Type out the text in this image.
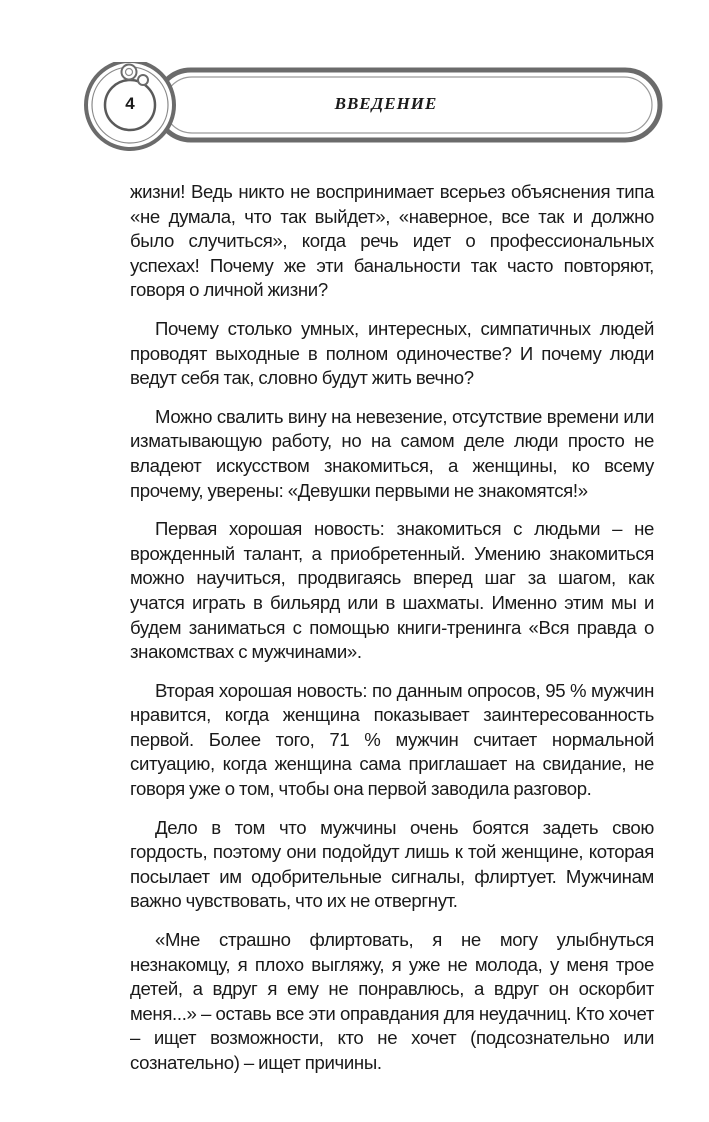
4	ВВЕДЕНИЕ

жизни! Ведь никто не воспринимает всерьез объяснения типа «не думала, что так выйдет», «наверное, все так и должно было случиться», когда речь идет о профессиональных успехах! Почему же эти банальности так часто повторяют, говоря о личной жизни?

Почему столько умных, интересных, симпатичных людей проводят выходные в полном одиночестве? И почему люди ведут себя так, словно будут жить вечно?

Можно свалить вину на невезение, отсутствие времени или изматывающую работу, но на самом деле люди просто не владеют искусством знакомиться, а женщины, ко всему прочему, уверены: «Девушки первыми не знакомятся!»

Первая хорошая новость: знакомиться с людьми – не врожденный талант, а приобретенный. Умению знакомиться можно научиться, продвигаясь вперед шаг за шагом, как учатся играть в бильярд или в шахматы. Именно этим мы и будем заниматься с помощью книги-тренинга «Вся правда о знакомствах с мужчинами».

Вторая хорошая новость: по данным опросов, 95 % мужчин нравится, когда женщина показывает заинтересованность первой. Более того, 71 % мужчин считает нормальной ситуацию, когда женщина сама приглашает на свидание, не говоря уже о том, чтобы она первой заводила разговор.

Дело в том что мужчины очень боятся задеть свою гордость, поэтому они подойдут лишь к той женщине, которая посылает им одобрительные сигналы, флиртует. Мужчинам важно чувствовать, что их не отвергнут.

«Мне страшно флиртовать, я не могу улыбнуться незнакомцу, я плохо выгляжу, я уже не молода, у меня трое детей, а вдруг я ему не понравлюсь, а вдруг он оскорбит меня...» – оставь все эти оправдания для неудачниц. Кто хочет – ищет возможности, кто не хочет (подсознательно или сознательно) – ищет причины.
